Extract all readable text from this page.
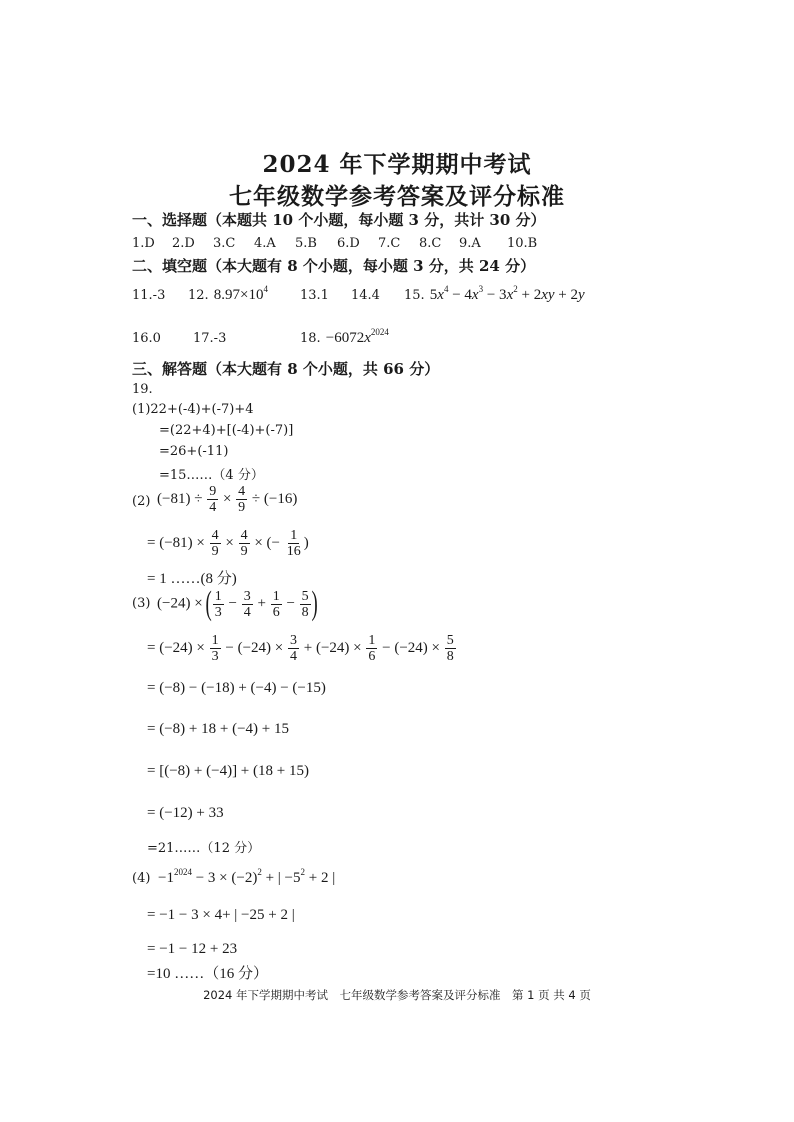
2024 年下学期期中考试
七年级数学参考答案及评分标准
一、选择题（本题共 10 个小题，每小题 3 分，共计 30 分）
1.D 2.D 3.C 4.A 5.B 6.D 7.C 8.C 9.A 10.B
二、填空题（本大题有 8 个小题，每小题 3 分，共 24 分）
11.-3 12. $8.97\times 10^4$ 13.1 14.4 15. $5x^4 - 4x^3 - 3x^2 + 2xy + 2y$
16.0 17.-3	18. $-6072x^{2024}$
三、解答题（本大题有 8 个小题，共 66 分）
19.
(1)22+(-4)+(-7)+4
=(22+4)+[(-4)+(-7)]
=26+(-11)
=15……（4 分）
(2) $(-81) \div \frac{9}{4} \times \frac{4}{9} \div (-16)$
= $(-81) \times \frac{4}{9} \times \frac{4}{9}$ × (− $\frac{1}{16}$ )
= 1 ……(8 分)
(3) (−24) × ( $\frac{1}{3} - \frac{3}{4} + \frac{1}{6} - \frac{5}{8}$ )
= $(-24) \times \frac{1}{3} - (-24) \times \frac{3}{4} + (-24) \times \frac{1}{6} - (-24) \times \frac{5}{8}$
= (−8) − (−18) + (−4) − (−15)
= (−8) + 18 + (−4) + 15
= [(−8) + (−4)] + (18 + 15)
= (−12) + 33
=21……（12 分）
$(4) -1^{2024} - 3 \times (-2)^2$ + | $-5^2 + 2$ |
= −1 − 3 × 4+ | −25 + 2 |
= −1 − 12 + 23
=10 ……（16 分）
2024 年下学期期中考试　七年级数学参考答案及评分标准　第 1 页 共 4 页
